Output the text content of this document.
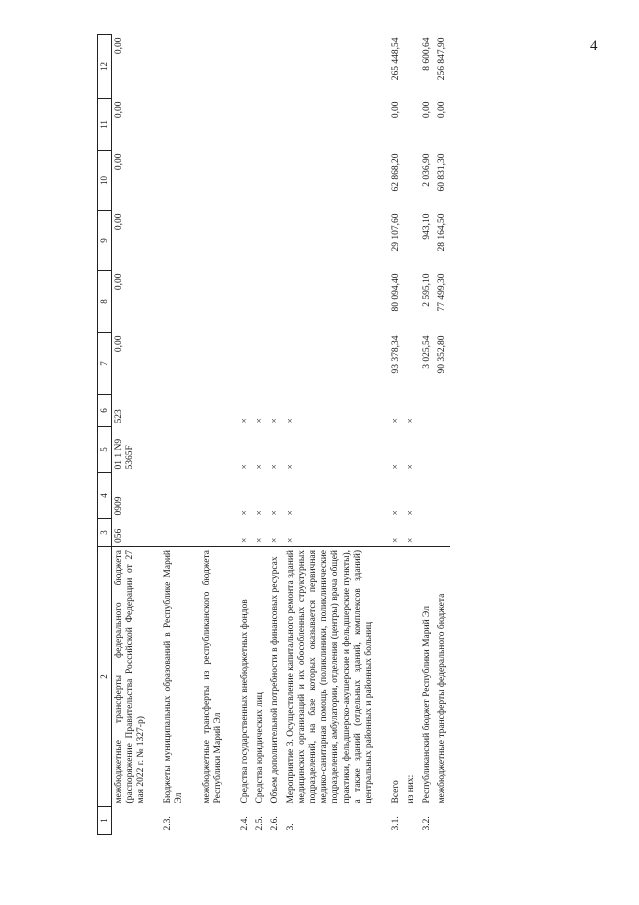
4
1	2	3	4	5	6	7	8	9	10	11	12
	межбюджетные трансферты федерального бюджета (распоряжение Правительства Российской Федерации от 27 мая 2022 г. № 1327-р)	056	0909	01 1 N9 5365F	523	0,00	0,00	0,00	0,00	0,00	0,00

2.3.	Бюджеты муниципальных образований в Республике Марий Эл										

	межбюджетные трансферты из республиканского бюджета Республики Марий Эл										

2.4.	Средства государственных внебюджетных фондов	×	×	×	×						
2.5.	Средства юридических лиц	×	×	×	×						
2.6.	Объем дополнительной потребности в финансовых ресурсах	×	×	×	×						
3.	Мероприятие 3. Осуществление капитального ремонта зданий медицинских организаций и их обособленных структурных подразделений, на базе которых оказывается первичная медико-санитарная помощь (поликлиники, поликлинические подразделения, амбулатории, отделения (центры) врача общей практики, фельдшерско-акушерские и фельдшерские пункты), а также зданий (отдельных зданий, комплексов зданий) центральных районных и районных больниц	×	×	×	×						

3.1.	Всего	×	×	×	×	93 378,34	80 094,40	29 107,60	62 868,20	0,00	265 448,54
	из них:	×	×	×	×						
3.2.	Республиканский бюджет Республики Марий Эл					3 025,54	2 595,10	943,10	2 036,90	0,00	8 600,64
	межбюджетные трансферты федерального бюджета					90 352,80	77 499,30	28 164,50	60 831,30	0,00	256 847,90
